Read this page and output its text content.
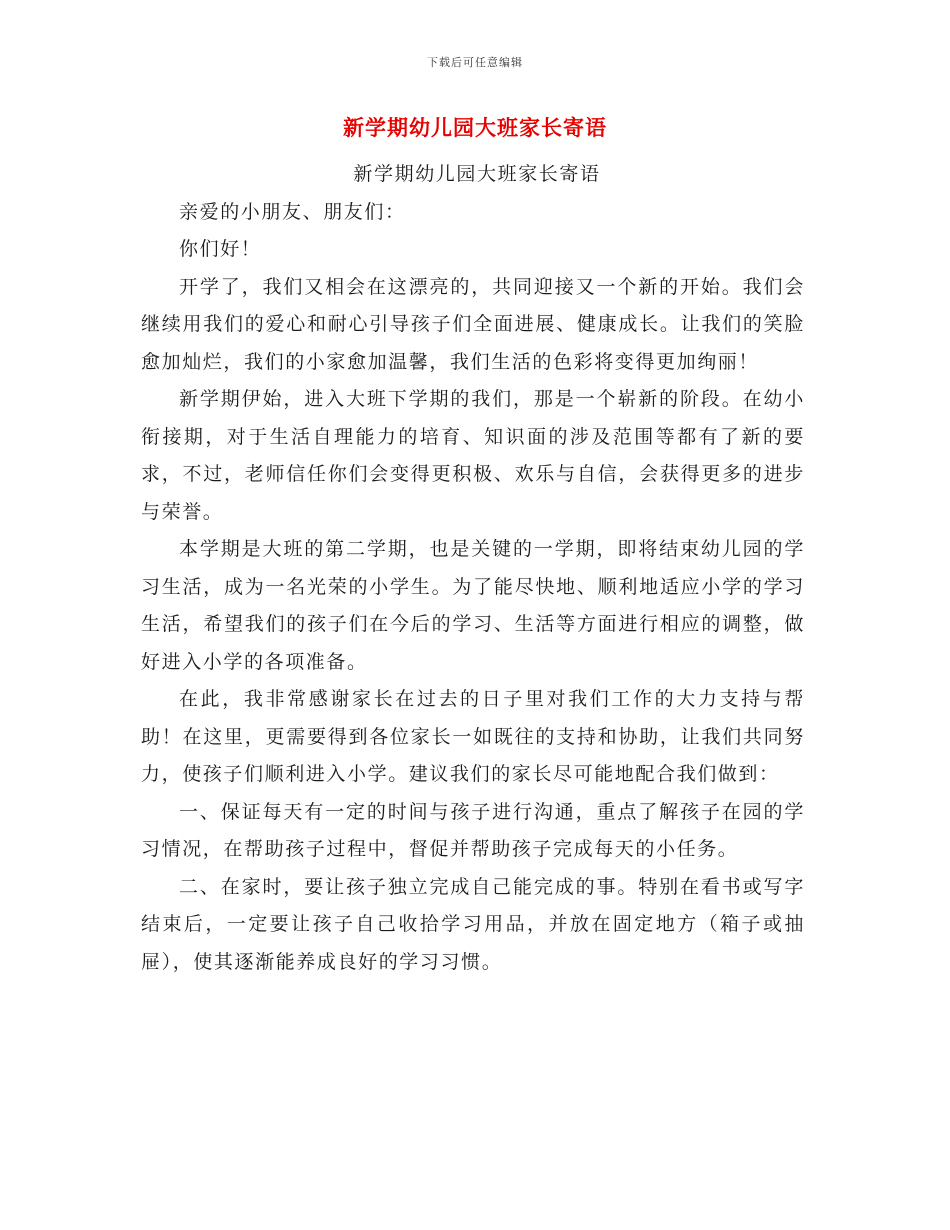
下载后可任意编辑
新学期幼儿园大班家长寄语

新学期幼儿园大班家长寄语

亲爱的小朋友、朋友们：

你们好！

开学了，我们又相会在这漂亮的，共同迎接又一个新的开始。我们会继续用我们的爱心和耐心引导孩子们全面进展、健康成长。让我们的笑脸愈加灿烂，我们的小家愈加温馨，我们生活的色彩将变得更加绚丽！

新学期伊始，进入大班下学期的我们，那是一个崭新的阶段。在幼小衔接期，对于生活自理能力的培育、知识面的涉及范围等都有了新的要求，不过，老师信任你们会变得更积极、欢乐与自信，会获得更多的进步与荣誉。

本学期是大班的第二学期，也是关键的一学期，即将结束幼儿园的学习生活，成为一名光荣的小学生。为了能尽快地、顺利地适应小学的学习生活，希望我们的孩子们在今后的学习、生活等方面进行相应的调整，做好进入小学的各项准备。

在此，我非常感谢家长在过去的日子里对我们工作的大力支持与帮助！在这里，更需要得到各位家长一如既往的支持和协助，让我们共同努力，使孩子们顺利进入小学。建议我们的家长尽可能地配合我们做到：

一、保证每天有一定的时间与孩子进行沟通，重点了解孩子在园的学习情况，在帮助孩子过程中，督促并帮助孩子完成每天的小任务。

二、在家时，要让孩子独立完成自己能完成的事。特别在看书或写字结束后，一定要让孩子自己收拾学习用品，并放在固定地方（箱子或抽屉），使其逐渐能养成良好的学习习惯。
